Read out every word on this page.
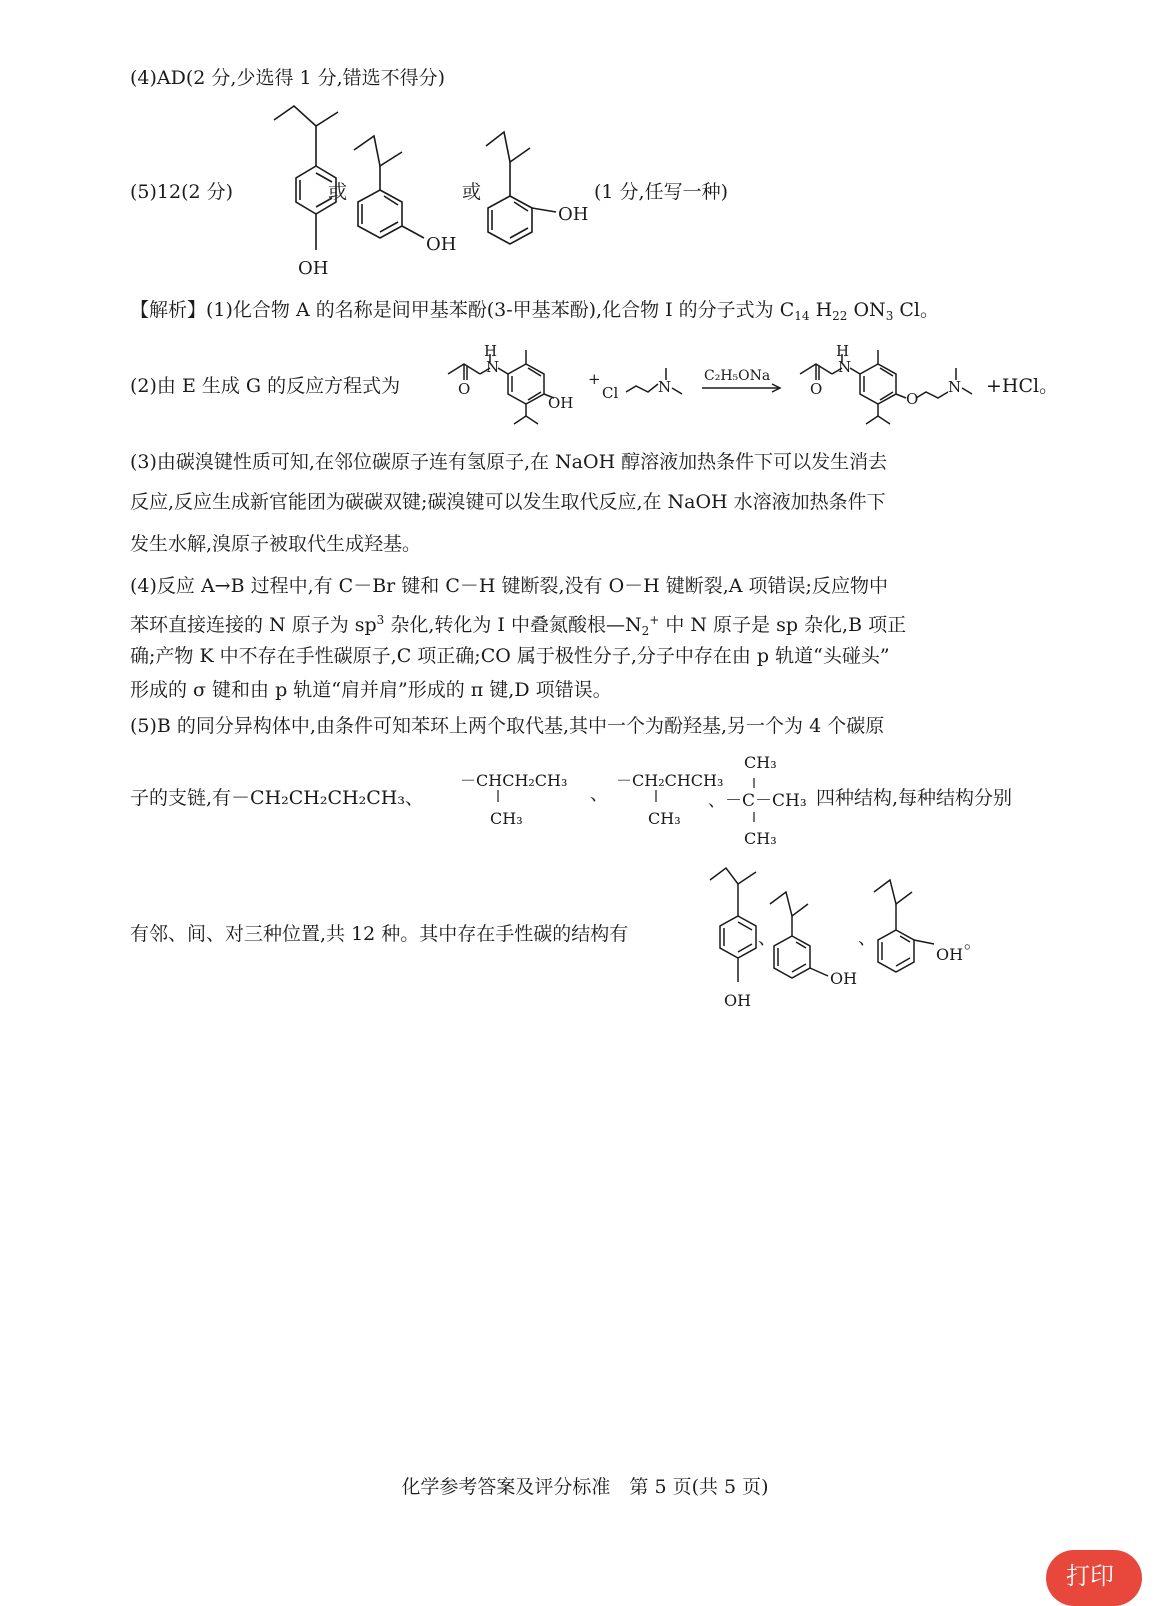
(4)AD(2 分,少选得 1 分,错选不得分)
(5)12(2 分)
OH
或
OH
或
OH
(1 分,任写一种)
【解析】(1)化合物 A 的名称是间甲基苯酚(3-甲基苯酚),化合物 I 的分子式为 $C_{14}$ $H_{22}$ $ON_3$ Cl。
(2)由 E 生成 G 的反应方程式为
H
N
O
OH
+
Cl	N
C₂H₅ONa
H
N
O
O
N +HCl。
(3)由碳溴键性质可知,在邻位碳原子连有氢原子,在 NaOH 醇溶液加热条件下可以发生消去
反应,反应生成新官能团为碳碳双键;碳溴键可以发生取代反应,在 NaOH 水溶液加热条件下
发生水解,溴原子被取代生成羟基。
(4)反应 A→B 过程中,有 C－Br 键和 C－H 键断裂,没有 O－H 键断裂,A 项错误;反应物中
苯环直接连接的 N 原子为 $sp^3$ 杂化,转化为 I 中叠氮酸根$—N_2^+$ 中 N 原子是 sp 杂化,B 项正
确;产物 K 中不存在手性碳原子,C 项正确;CO 属于极性分子,分子中存在由 p 轨道“头碰头”
形成的 σ 键和由 p 轨道“肩并肩”形成的 π 键,D 项错误。
(5)B 的同分异构体中,由条件可知苯环上两个取代基,其中一个为酚羟基,另一个为 4 个碳原
子的支链,有－CH₂CH₂CH₂CH₃、
－CHCH₂CH₃
CH₃
、
－CH₂CHCH₃
CH₃
CH₃
CH₃
、－C－CH₃ 四种结构,每种结构分别
有邻、间、对三种位置,共 12 种。其中存在手性碳的结构有
OH
OH
OH
、	、	。
化学参考答案及评分标准　第 5 页(共 5 页)
打印
